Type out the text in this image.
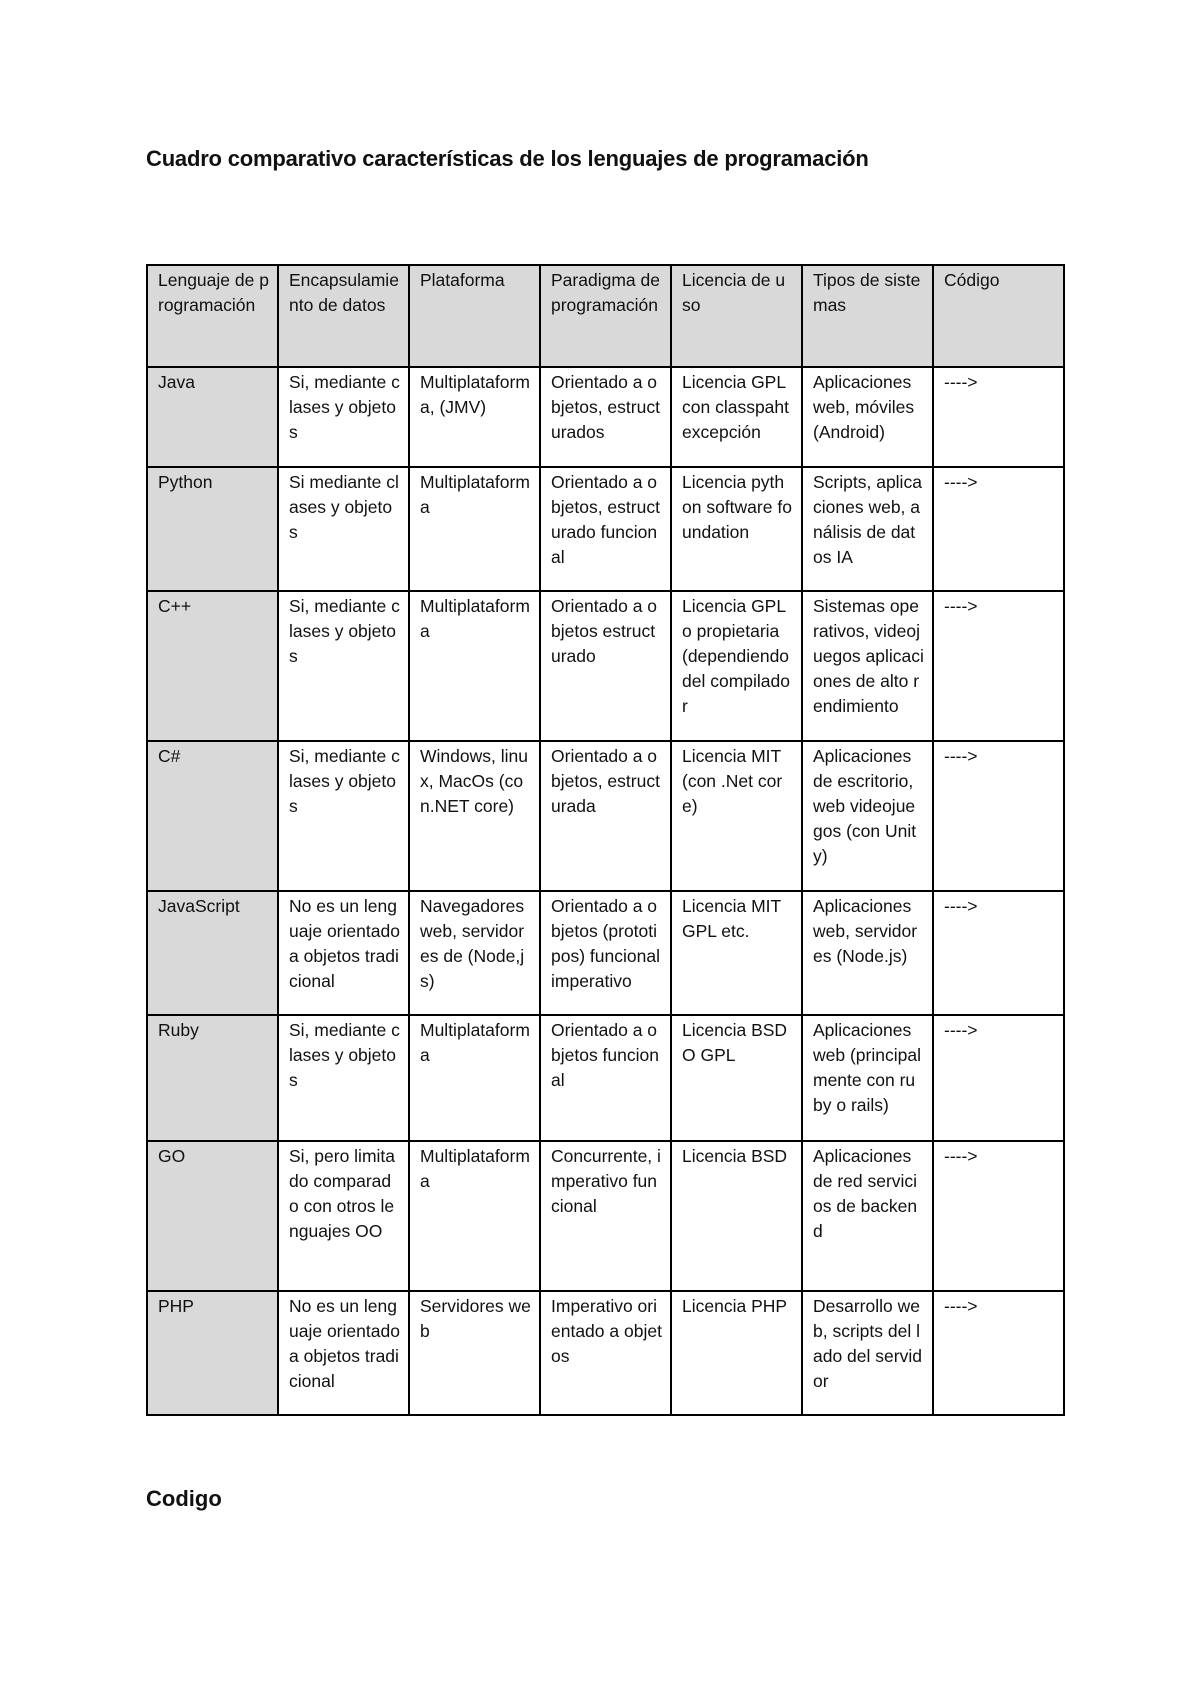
Cuadro comparativo características de los lenguajes de programación
Lenguaje de programación	Encapsulamiento de datos	Plataforma	Paradigma de programación	Licencia de uso	Tipos de sistemas	Código
Java	Si, mediante clases y objetos	Multiplataforma, (JMV)	Orientado a objetos, estructurados	Licencia GPL con classpaht excepción	Aplicaciones web, móviles (Android)	---->
Python	Si mediante clases y objetos	Multiplataforma	Orientado a objetos, estructurado funcional	Licencia python software foundation	Scripts, aplicaciones web, análisis de datos IA	---->
C++	Si, mediante clases y objetos	Multiplataforma	Orientado a objetos estructurado	Licencia GPL o propietaria (dependiendo del compilador	Sistemas operativos, videojuegos aplicaciones de alto rendimiento	---->
C#	Si, mediante clases y objetos	Windows, linux, MacOs (con.NET core)	Orientado a objetos, estructurada	Licencia MIT (con .Net core)	Aplicaciones de escritorio, web videojuegos (con Unity)	---->
JavaScript	No es un lenguaje orientado a objetos tradicional	Navegadores web, servidores de (Node,js)	Orientado a objetos (prototipos) funcional imperativo	Licencia MIT GPL etc.	Aplicaciones web, servidores (Node.js)	---->
Ruby	Si, mediante clases y objetos	Multiplataforma	Orientado a objetos funcional	Licencia BSD O GPL	Aplicaciones web (principalmente con ruby o rails)	---->
GO	Si, pero limitado comparado con otros lenguajes OO	Multiplataforma	Concurrente, imperativo funcional	Licencia BSD	Aplicaciones de red servicios de backend	---->
PHP	No es un lenguaje orientado a objetos tradicional	Servidores web	Imperativo orientado a objetos	Licencia PHP	Desarrollo web, scripts del lado del servidor	---->
Codigo
